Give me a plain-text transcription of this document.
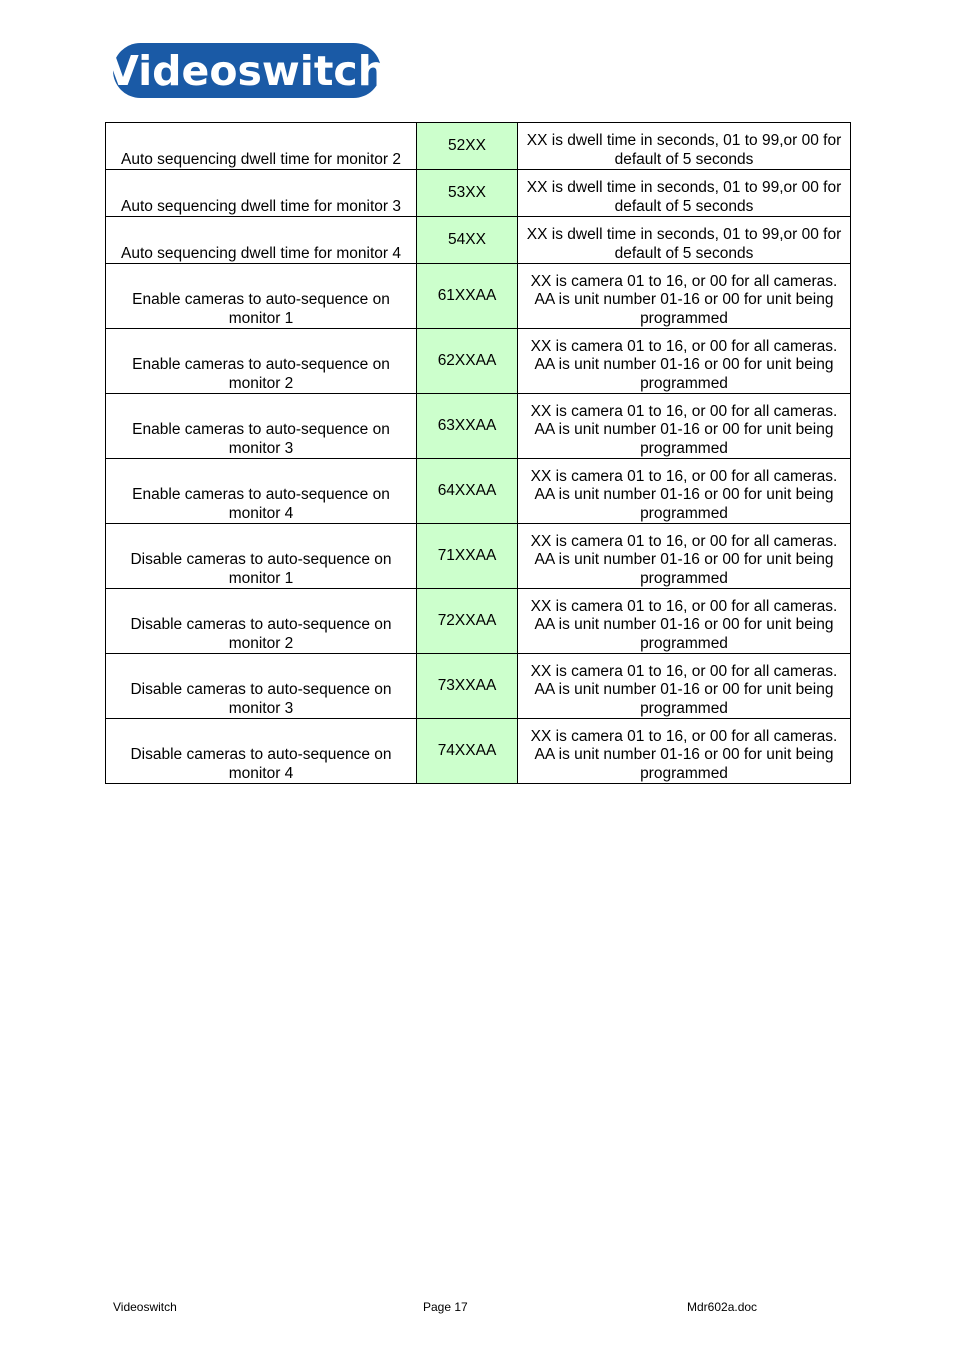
Videoswitch
Auto sequencing dwell time for monitor 2	52XX	XX is dwell time in seconds, 01 to 99,or 00 for default of 5 seconds
Auto sequencing dwell time for monitor 3	53XX	XX is dwell time in seconds, 01 to 99,or 00 for default of 5 seconds
Auto sequencing dwell time for monitor 4	54XX	XX is dwell time in seconds, 01 to 99,or 00 for default of 5 seconds
Enable cameras to auto-sequence on monitor 1	61XXAA	XX is camera 01 to 16, or 00 for all cameras. AA is unit number 01-16 or 00 for unit being programmed
Enable cameras to auto-sequence on monitor 2	62XXAA	XX is camera 01 to 16, or 00 for all cameras. AA is unit number 01-16 or 00 for unit being programmed
Enable cameras to auto-sequence on monitor 3	63XXAA	XX is camera 01 to 16, or 00 for all cameras. AA is unit number 01-16 or 00 for unit being programmed
Enable cameras to auto-sequence on monitor 4	64XXAA	XX is camera 01 to 16, or 00 for all cameras. AA is unit number 01-16 or 00 for unit being programmed
Disable cameras to auto-sequence on monitor 1	71XXAA	XX is camera 01 to 16, or 00 for all cameras. AA is unit number 01-16 or 00 for unit being programmed
Disable cameras to auto-sequence on monitor 2	72XXAA	XX is camera 01 to 16, or 00 for all cameras. AA is unit number 01-16 or 00 for unit being programmed
Disable cameras to auto-sequence on monitor 3	73XXAA	XX is camera 01 to 16, or 00 for all cameras. AA is unit number 01-16 or 00 for unit being programmed
Disable cameras to auto-sequence on monitor 4	74XXAA	XX is camera 01 to 16, or 00 for all cameras. AA is unit number 01-16 or 00 for unit being programmed
Videoswitch	Page 17	Mdr602a.doc
